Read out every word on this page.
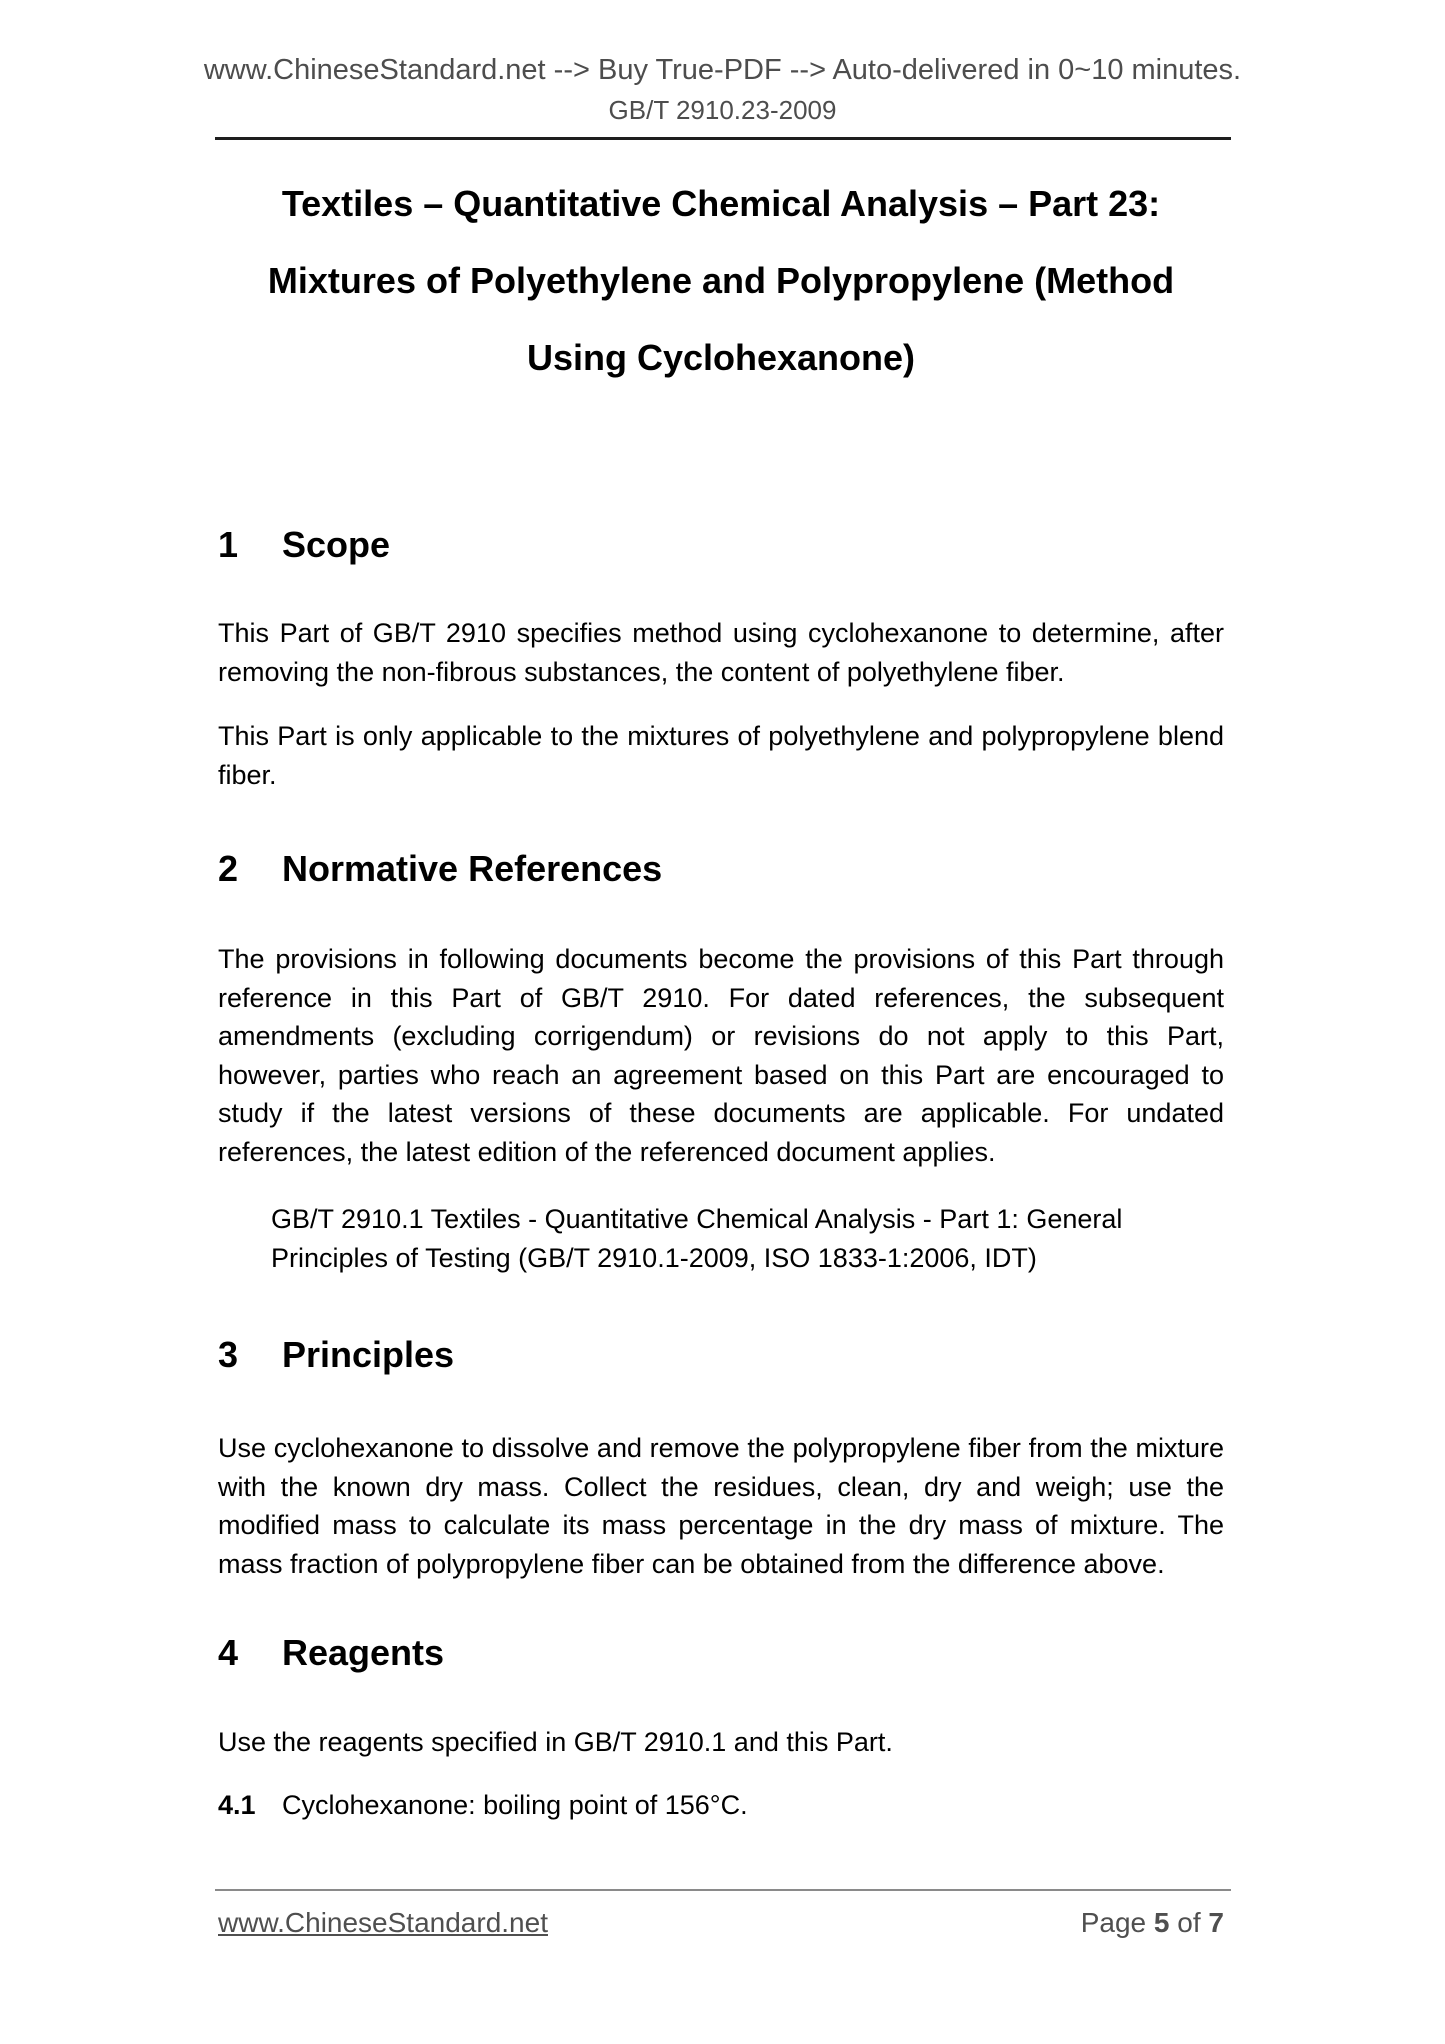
www.ChineseStandard.net --> Buy True-PDF --> Auto-delivered in 0~10 minutes.
GB/T 2910.23-2009
Textiles – Quantitative Chemical Analysis – Part 23:
Mixtures of Polyethylene and Polypropylene (Method
Using Cyclohexanone)
1 Scope

This Part of GB/T 2910 specifies method using cyclohexanone to determine, after removing the non-fibrous substances, the content of polyethylene fiber.

This Part is only applicable to the mixtures of polyethylene and polypropylene blend fiber.

2 Normative References

The provisions in following documents become the provisions of this Part through reference in this Part of GB/T 2910. For dated references, the subsequent amendments (excluding corrigendum) or revisions do not apply to this Part, however, parties who reach an agreement based on this Part are encouraged to study if the latest versions of these documents are applicable. For undated references, the latest edition of the referenced document applies.

GB/T 2910.1 Textiles - Quantitative Chemical Analysis - Part 1: General Principles of Testing (GB/T 2910.1-2009, ISO 1833-1:2006, IDT)

3 Principles

Use cyclohexanone to dissolve and remove the polypropylene fiber from the mixture with the known dry mass. Collect the residues, clean, dry and weigh; use the modified mass to calculate its mass percentage in the dry mass of mixture. The mass fraction of polypropylene fiber can be obtained from the difference above.

4 Reagents

Use the reagents specified in GB/T 2910.1 and this Part.

4.1 Cyclohexanone: boiling point of 156°C.
www.ChineseStandard.net	Page 5 of 7
